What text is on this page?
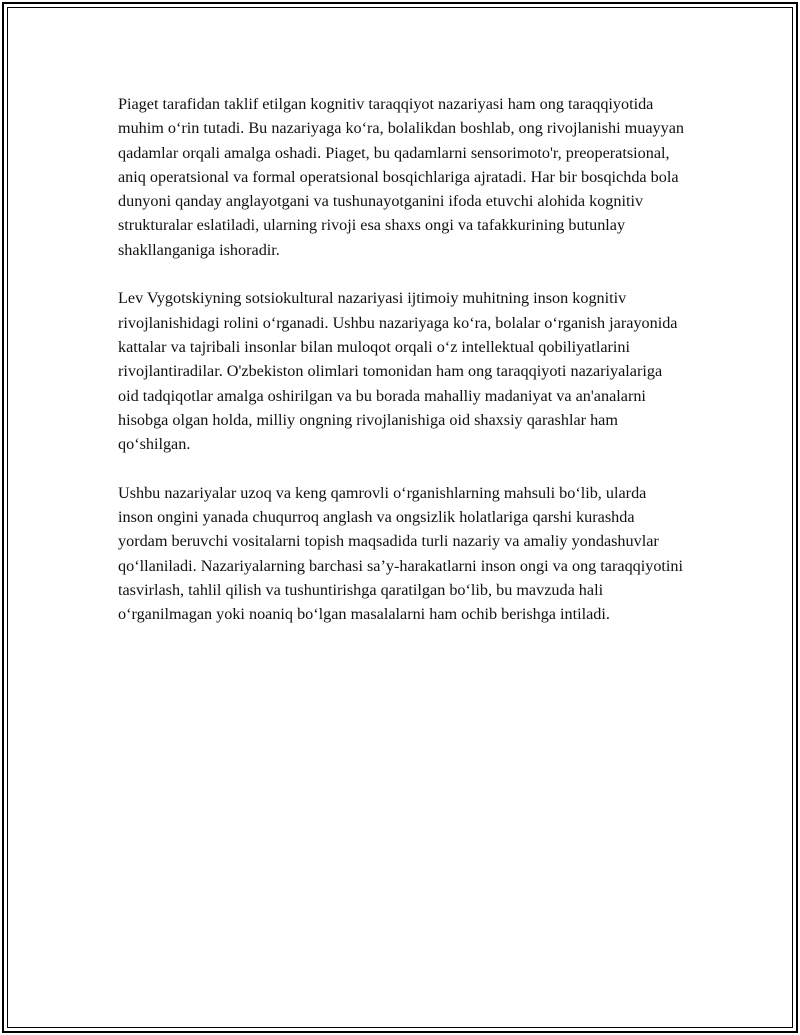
Piaget tarafidan taklif etilgan kognitiv taraqqiyot nazariyasi ham ong taraqqiyotida muhim o‘rin tutadi. Bu nazariyaga ko‘ra, bolalikdan boshlab, ong rivojlanishi muayyan qadamlar orqali amalga oshadi. Piaget, bu qadamlarni sensorimoto'r, preoperatsional, aniq operatsional va formal operatsional bosqichlariga ajratadi. Har bir bosqichda bola dunyoni qanday anglayotgani va tushunayotganini ifoda etuvchi alohida kognitiv strukturalar eslatiladi, ularning rivoji esa shaxs ongi va tafakkurining butunlay shakllanganiga ishoradir.

Lev Vygotskiyning sotsiokultural nazariyasi ijtimoiy muhitning inson kognitiv rivojlanishidagi rolini o‘rganadi. Ushbu nazariyaga ko‘ra, bolalar o‘rganish jarayonida kattalar va tajribali insonlar bilan muloqot orqali o‘z intellektual qobiliyatlarini rivojlantiradilar. O'zbekiston olimlari tomonidan ham ong taraqqiyoti nazariyalariga oid tadqiqotlar amalga oshirilgan va bu borada mahalliy madaniyat va an'analarni hisobga olgan holda, milliy ongning rivojlanishiga oid shaxsiy qarashlar ham qo‘shilgan.

Ushbu nazariyalar uzoq va keng qamrovli o‘rganishlarning mahsuli bo‘lib, ularda inson ongini yanada chuqurroq anglash va ongsizlik holatlariga qarshi kurashda yordam beruvchi vositalarni topish maqsadida turli nazariy va amaliy yondashuvlar qo‘llaniladi. Nazariyalarning barchasi sa’y-harakatlarni inson ongi va ong taraqqiyotini tasvirlash, tahlil qilish va tushuntirishga qaratilgan bo‘lib, bu mavzuda hali o‘rganilmagan yoki noaniq bo‘lgan masalalarni ham ochib berishga intiladi.
